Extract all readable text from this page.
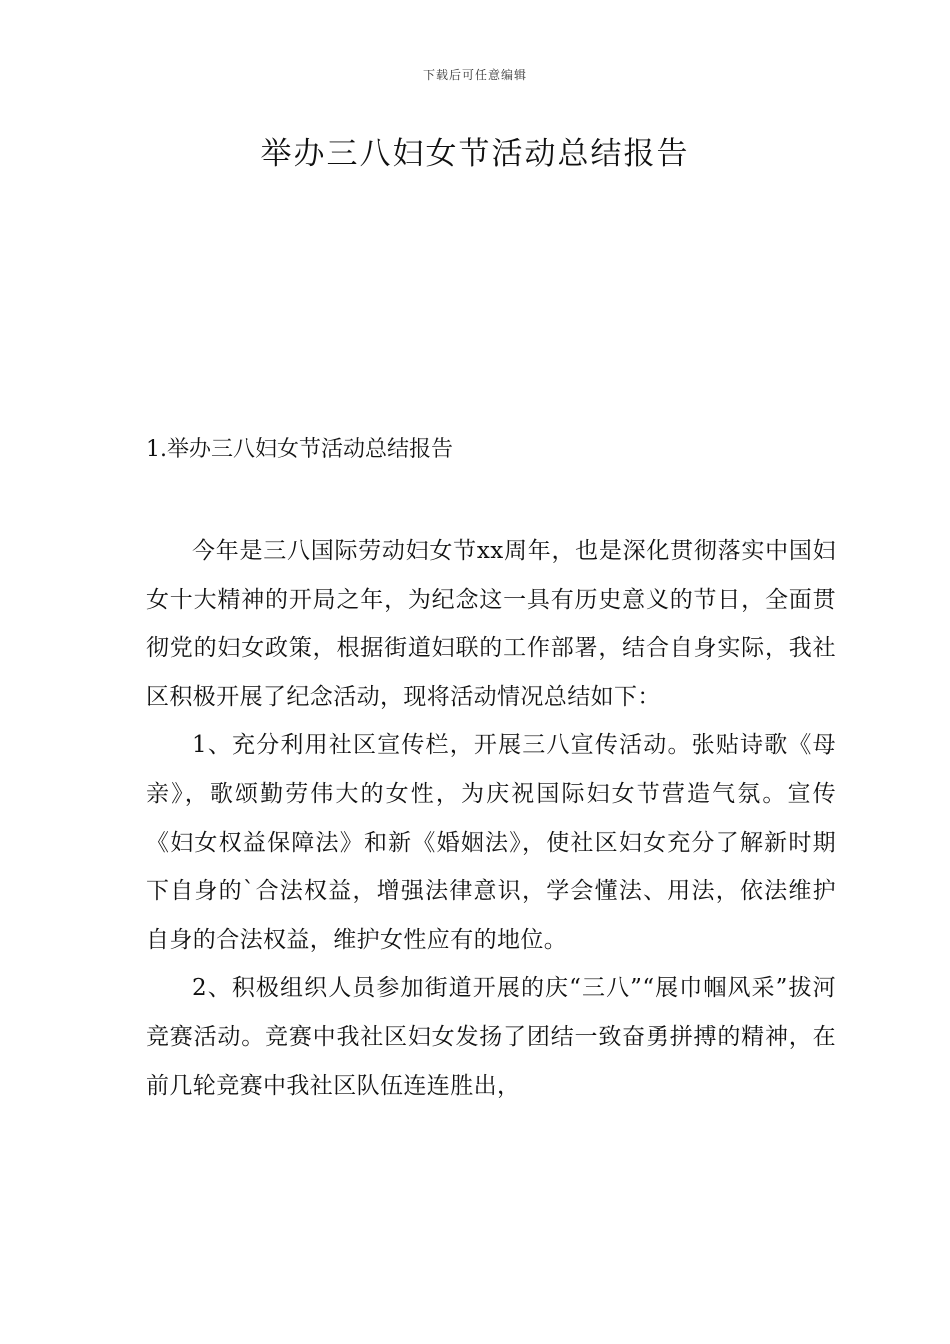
下载后可任意编辑
举办三八妇女节活动总结报告
1.举办三八妇女节活动总结报告

今年是三八国际劳动妇女节xx周年，也是深化贯彻落实中国妇女十大精神的开局之年，为纪念这一具有历史意义的节日，全面贯彻党的妇女政策，根据街道妇联的工作部署，结合自身实际，我社区积极开展了纪念活动，现将活动情况总结如下：

1、充分利用社区宣传栏，开展三八宣传活动。张贴诗歌《母亲》，歌颂勤劳伟大的女性，为庆祝国际妇女节营造气氛。宣传《妇女权益保障法》和新《婚姻法》，使社区妇女充分了解新时期下自身的`合法权益，增强法律意识，学会懂法、用法，依法维护自身的合法权益，维护女性应有的地位。

2、积极组织人员参加街道开展的庆“三八”“展巾帼风采”拔河竞赛活动。竞赛中我社区妇女发扬了团结一致奋勇拼搏的精神，在前几轮竞赛中我社区队伍连连胜出，
